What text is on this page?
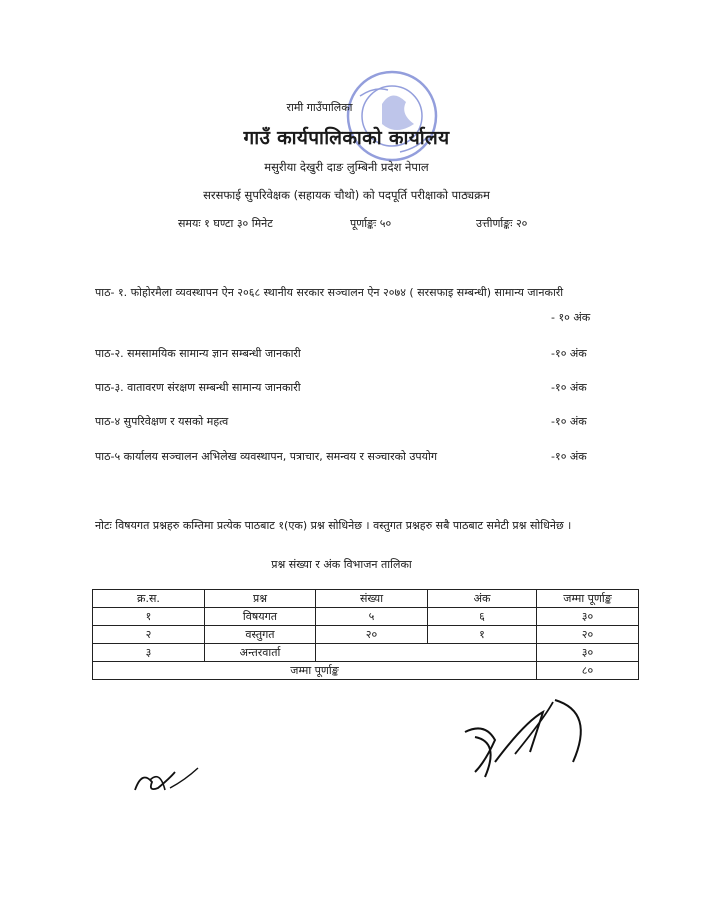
रामी गाउँपालिका
गाउँ कार्यपालिकाको कार्यालय
मसुरीया देखुरी दाङ लुम्बिनी प्रदेश नेपाल
सरसफाई सुपरिवेक्षक (सहायक चौथो) को पदपूर्ति परीक्षाको पाठ्यक्रम
समयः १ घण्टा ३० मिनेट	पूर्णाङ्कः ५०	उत्तीर्णाङ्कः २०
पाठ- १. फोहोरमैला व्यवस्थापन ऐन २०६८ स्थानीय सरकार सञ्चालन ऐन २०७४ ( सरसफाइ सम्बन्धी) सामान्य जानकारी
- १० अंक
पाठ-२. समसामयिक सामान्य ज्ञान सम्बन्धी जानकारी	-१० अंक
पाठ-३. वातावरण संरक्षण सम्बन्धी सामान्य जानकारी	-१० अंक
पाठ-४ सुपरिवेक्षण र यसको महत्व	-१० अंक
पाठ-५ कार्यालय सञ्चालन अभिलेख व्यवस्थापन, पत्राचार, समन्वय र सञ्चारको उपयोग	-१० अंक
नोटः विषयगत प्रश्नहरु कम्तिमा प्रत्येक पाठबाट १(एक) प्रश्न सोधिनेछ । वस्तुगत प्रश्नहरु सबै पाठबाट समेटी प्रश्न सोधिनेछ ।
प्रश्न संख्या र अंक विभाजन तालिका
क्र.स.	प्रश्न	संख्या	अंक	जम्मा पूर्णाङ्क
१	विषयगत	५	६	३०
२	वस्तुगत	२०	१	२०
३	अन्तरवार्ता			३०
जम्मा पूर्णाङ्क				८०
